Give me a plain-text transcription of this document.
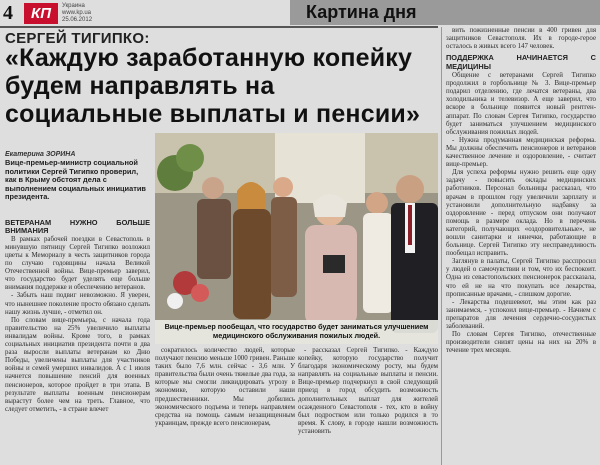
4	КП	Украина
www.kp.ua
25.06.2012	Картина дня
СЕРГЕЙ ТИГИПКО:
«Каждую заработанную копейку будем направлять на социальные выплаты и пенсии»
Екатерина ЗОРИНА
Вице-премьер-министр социальной политики Сергей Тигипко проверил, как в Крыму обстоят дела с выполнением социальных инициатив президента.
ВЕТЕРАНАМ НУЖНО БОЛЬШЕ ВНИМАНИЯ

В рамках рабочей поездки в Севастополь в минувшую пятницу Сергей Тигипко возложил цветы к Мемориалу в честь защитников города по случаю годовщины начала Великой Отечественной войны. Вице-премьер заверил, что государство будет уделять еще больше внимания поддержке и обеспечению ветеранов.

- Забыть наш подвиг невозможно. Я уверен, что нынешнее поколение просто обязано сделать нашу жизнь лучше, - отметил он.

По словам вице-премьера, с начала года правительство на 25% увеличило выплаты инвалидам войны. Кроме того, в рамках социальных инициатив президента почти в два раза выросли выплаты ветеранам ко Дню Победы, увеличены выплаты для участников войны и семей умерших инвалидов. А с 1 июля начнется повышение пенсий для военных пенсионеров, которое пройдет в три этапа. В результате выплаты военным пенсионерам вырастут более чем на треть. Главное, что следует отметить, - в стране влечет

Вице-премьер пообещал, что государство будет заниматься улучшением медицинского обслуживания пожилых людей.

сократилось количество людей, которые получают пенсию меньше 1000 гривен. Раньше таких было 7,6 млн. сейчас - 3,6 млн. У правительства были очень тяжелые два года, за которые мы смогли ликвидировать угрозу в экономике, которую оставили наши предшественники. Мы добились экономического подъема и теперь направляем средства на помощь самым незащищенным украинцам, прежде всего пенсионерам,

- рассказал Сергей Тигипко. - Каждую копейку, которую государство получит благодаря экономическому росту, мы будем направлять на социальные выплаты и пенсии. Вице-премьер подчеркнул в свой следующий приезд в город обсудить возможность дополнительных выплат для жителей осажденного Севастополя - тех, кто в войну был подростком или только родился в то время. К слову, в городе нашли возможность установить

вить пожизненные пенсии в 400 гривен для защитников Севастополя. Их в городе-герое осталось в живых всего 147 человек.

ПОДДЕРЖКА НАЧИНАЕТСЯ С МЕДИЦИНЫ

Общение с ветеранами Сергей Тигипко продолжил в горбольнице № 3. Вице-премьер подарил отделению, где лечатся ветераны, два холодильника и телевизор. А еще заверил, что вскоре в больнице появится новый рентген-аппарат. По словам Сергея Тигипко, государство будет заниматься улучшением медицинского обслуживания пожилых людей.

- Нужна продуманная медицинская реформа. Мы должны обеспечить пенсионеров и ветеранов качественное лечение и оздоровление, - считает вице-премьер.

Для успеха реформы нужно решить еще одну задачу - повысить оклады медицинских работников. Персонал больницы рассказал, что врачам в прошлом году увеличили зарплату и установили дополнительную надбавку за оздоровление - перед отпуском они получают помощь в размере оклада. Но в перечень категорий, получающих «оздоровительные», не вошли санитарки и нянечки, работающие в больнице. Сергей Тигипко эту несправедливость пообещал исправить.

Заглянув в палаты, Сергей Тигипко расспросил у людей о самочувствии и том, что их беспокоит. Одна из севастопольских пенсионерок рассказала, что ей не на что покупать все лекарства, прописанные врачами, - слишком дорогие.

- Лекарства подешевеют, мы этим как раз занимаемся, - успокоил вице-премьер. - Начнем с препаратов для лечения сердечно-сосудистых заболеваний.

По словам Сергея Тигипко, отечественные производители снизят цены на них на 20% в течение трех месяцев.
